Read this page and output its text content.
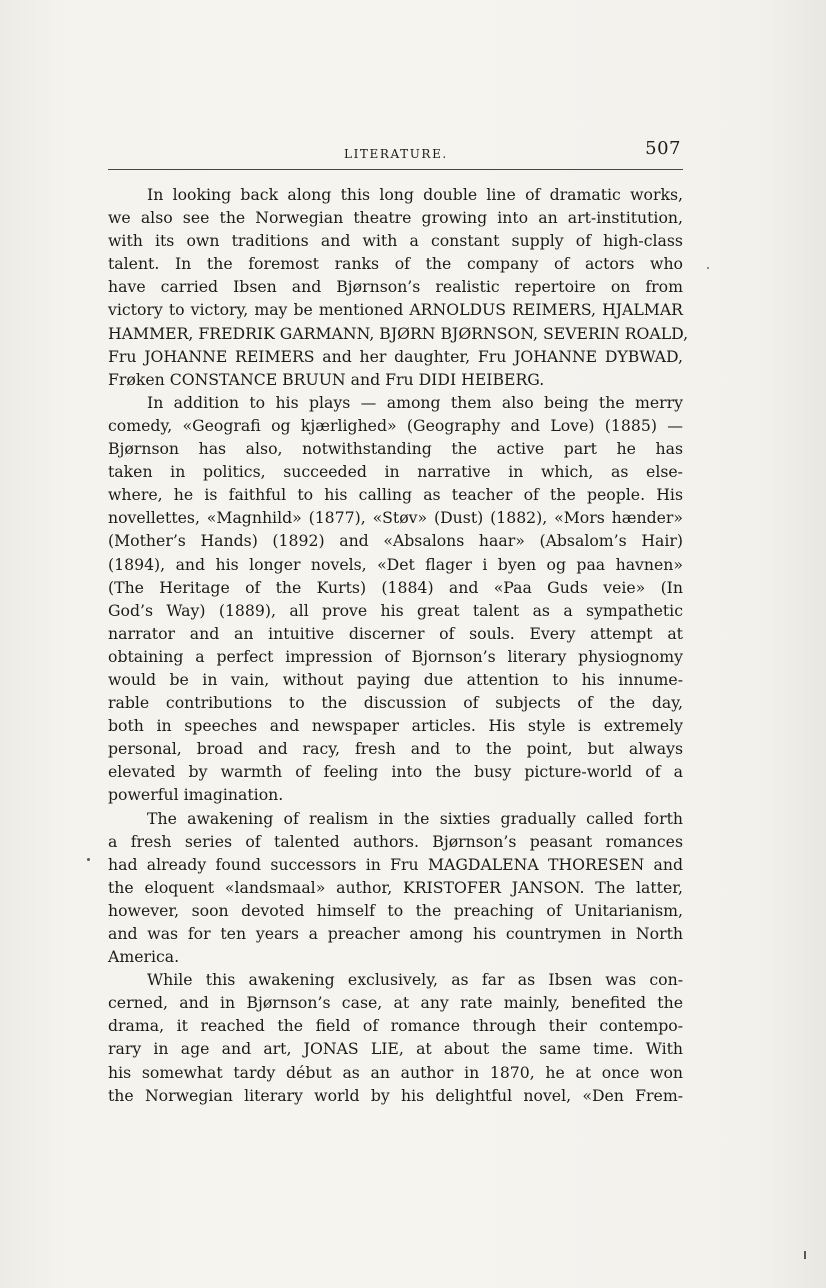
LITERATURE.	507
In looking back along this long double line of dramatic works,
we also see the Norwegian theatre growing into an art-institution,
with its own traditions and with a constant supply of high-class
talent. In the foremost ranks of the company of actors who
have carried Ibsen and Bjørnson’s realistic repertoire on from
victory to victory, may be mentioned ARNOLDUS REIMERS, HJALMAR
HAMMER, FREDRIK GARMANN, BJØRN BJØRNSON, SEVERIN ROALD,
Fru JOHANNE REIMERS and her daughter, Fru JOHANNE DYBWAD,
Frøken CONSTANCE BRUUN and Fru DIDI HEIBERG.
In addition to his plays — among them also being the merry
comedy, «Geografi og kjærlighed» (Geography and Love) (1885) —
Bjørnson has also, notwithstanding the active part he has
taken in politics, succeeded in narrative in which, as else-
where, he is faithful to his calling as teacher of the people. His
novellettes, «Magnhild» (1877), «Støv» (Dust) (1882), «Mors hænder»
(Mother’s Hands) (1892) and «Absalons haar» (Absalom’s Hair)
(1894), and his longer novels, «Det flager i byen og paa havnen»
(The Heritage of the Kurts) (1884) and «Paa Guds veie» (In
God’s Way) (1889), all prove his great talent as a sympathetic
narrator and an intuitive discerner of souls. Every attempt at
obtaining a perfect impression of Bjornson’s literary physiognomy
would be in vain, without paying due attention to his innume-
rable contributions to the discussion of subjects of the day,
both in speeches and newspaper articles. His style is extremely
personal, broad and racy, fresh and to the point, but always
elevated by warmth of feeling into the busy picture-world of a
powerful imagination.
The awakening of realism in the sixties gradually called forth
a fresh series of talented authors. Bjørnson’s peasant romances
had already found successors in Fru MAGDALENA THORESEN and
the eloquent «landsmaal» author, KRISTOFER JANSON. The latter,
however, soon devoted himself to the preaching of Unitarianism,
and was for ten years a preacher among his countrymen in North
America.
While this awakening exclusively, as far as Ibsen was con-
cerned, and in Bjørnson’s case, at any rate mainly, benefited the
drama, it reached the field of romance through their contempo-
rary in age and art, JONAS LIE, at about the same time. With
his somewhat tardy début as an author in 1870, he at once won
the Norwegian literary world by his delightful novel, «Den Frem-
